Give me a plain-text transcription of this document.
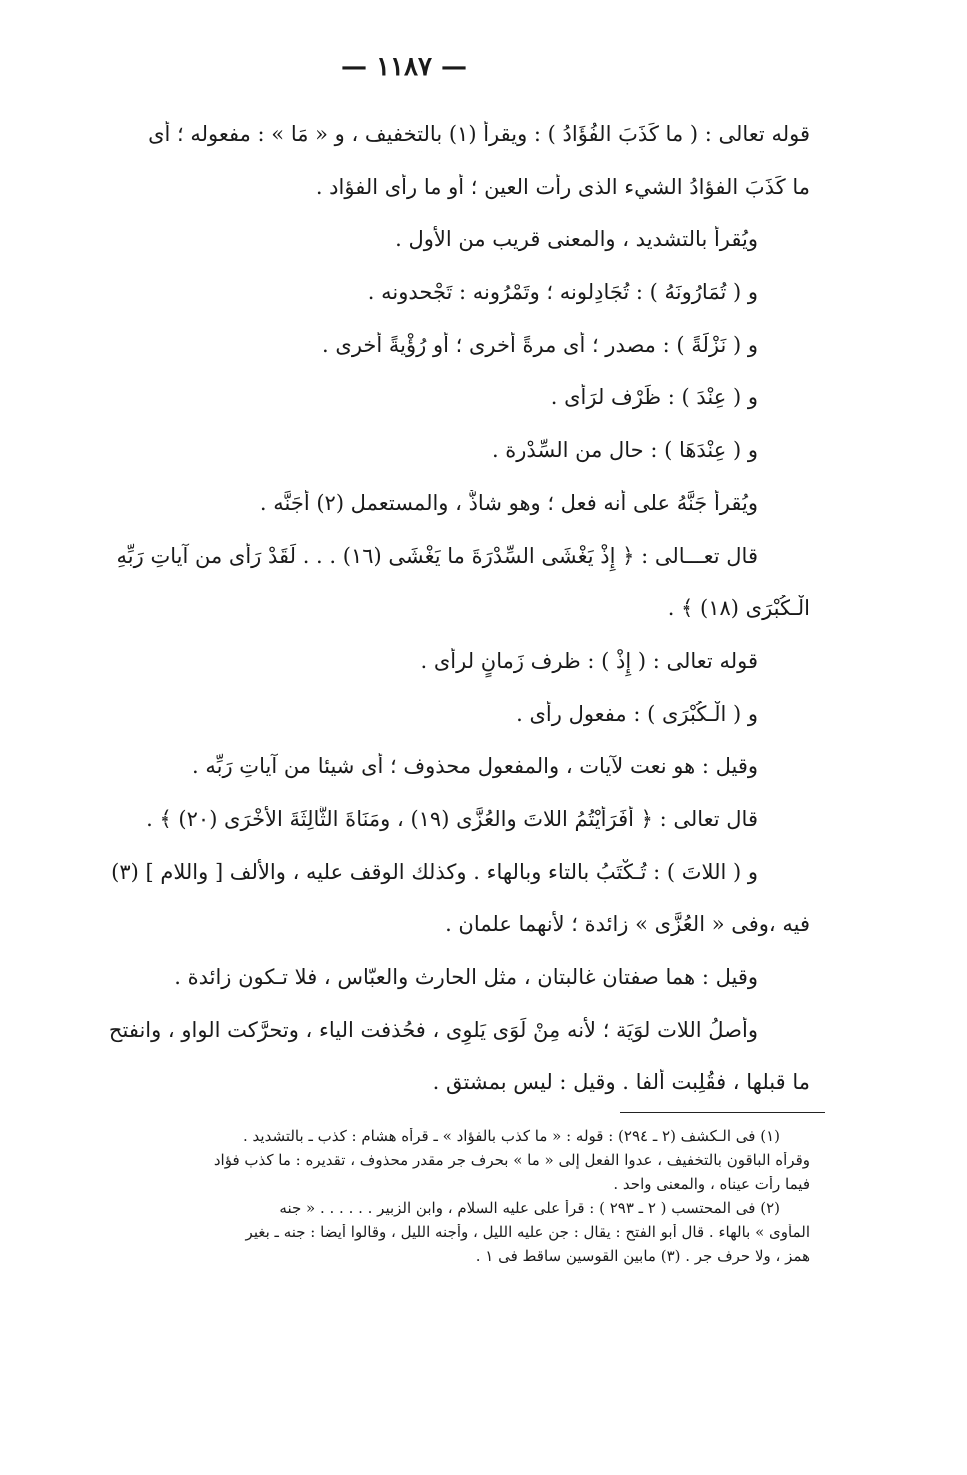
— ١١٨٧ —
قوله تعالى : ( ما كَذَبَ الفُؤَادُ ) : ويقرأ (١) بالتخفيف ، و « مَا » : مفعوله ؛ أى
ما كَذَبَ الفؤادُ الشيء الذى رأت العين ؛ أو ما رأى الفؤاد .
ويُقرأ بالتشديد ، والمعنى قريب من الأول .
و ( تُمَارُونَهُ ) : تُجَادِلونه ؛ وتَمْرُونه : تَجْحدونه .
و ( نَزْلَةً ) : مصدر ؛ أى مرةً أخرى ؛ أو رُؤْيةً أُخرى .
و ( عِنْدَ ) : ظَرْف لرَأى .
و ( عِنْدَهَا ) : حال من السِّدْرة .
ويُقرأ جَنَّهُ على أنه فعل ؛ وهو شاذٌّ ، والمستعمل (٢) أَجَنَّه .
قال تعـــالى : ﴿ إِذْ يَغْشَى السِّدْرَةَ ما يَغْشَى (١٦) . . . لَقَدْ رَأَى من آياتِ رَبِّهِ
الْـكُبْرَى (١٨) ﴾ .
قوله تعالى : ( إِذْ ) : ظرف زَمانٍ لرأى .
و ( الْـكُبْرَى ) : مفعول رأى .
وقيل : هو نعت لآيات ، والمفعول محذوف ؛ أى شيئا من آياتِ رَبِّه .
قال تعالى : ﴿ أَفَرَأَيْتُمُ اللاتَ والعُزَّى (١٩) ، ومَنَاةَ الثَّالِثَةَ الأُخْرَى (٢٠) ﴾ .
و ( اللاتَ ) : تُـكْتَبُ بالتاء وبالهاء . وكذلك الوقف عليه ، والألف [ واللام ] (٣)
فيه ،وفى « العُزَّى » زائدة ؛ لأنهما علمان .
وقيل : هما صفتان غالبتان ، مثل الحارث والعبّاس ، فلا تـكون زائدة .
وأصلُ اللات لوَيَة ؛ لأنه مِنْ لَوَى يَلوِى ، فحُذفت الياء ، وتحرَّكت الواو ، وانفتح
ما قبلها ، فقُلِبت ألفا . وقيل : ليس بمشتق .
(١) فى الـكشف (٢ ـ ٢٩٤) : قوله : « ما كذب بالفؤاد » ـ قرأه هشام : كذب ـ بالتشديد .
وقرأه الباقون بالتخفيف ، عدوا الفعل إلى « ما » بحرف جر مقدر محذوف ، تقديره : ما كذب فؤاد
فيما رأت عيناه ، والمعنى واحد .
(٢) فى المحتسب ( ٢ ـ ٢٩٣ ) : قرأ على عليه السلام ، وابن الزبير . . . . . . « جنه
المأوى » بالهاء . قال أبو الفتح : يقال : جن عليه الليل ، وأجنه الليل ، وقالوا أيضا : جنه ـ بغير
همز ، ولا حرف جر . (٣) مابين القوسين ساقط فى ١ .
